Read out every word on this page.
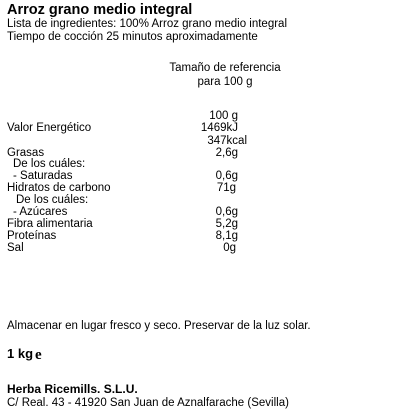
Arroz grano medio integral
Lista de ingredientes: 100% Arroz grano medio integral
Tiempo de cocción 25 minutos aproximadamente
Tamaño de referencia
para 100 g
100 g
Valor Energético	1469kJ
347kcal
Grasas	2,6g
De los cuáles:
- Saturadas	0,6g
Hidratos de carbono	71g
De los cuáles:
- Azúcares	0,6g
Fibra alimentaria	5,2g
Proteínas	8,1g
Sal	0g
Almacenar en lugar fresco y seco. Preservar de la luz solar.
1 kg e
Herba Ricemills. S.L.U.
C/ Real. 43 - 41920 San Juan de Aznalfarache (Sevilla)
